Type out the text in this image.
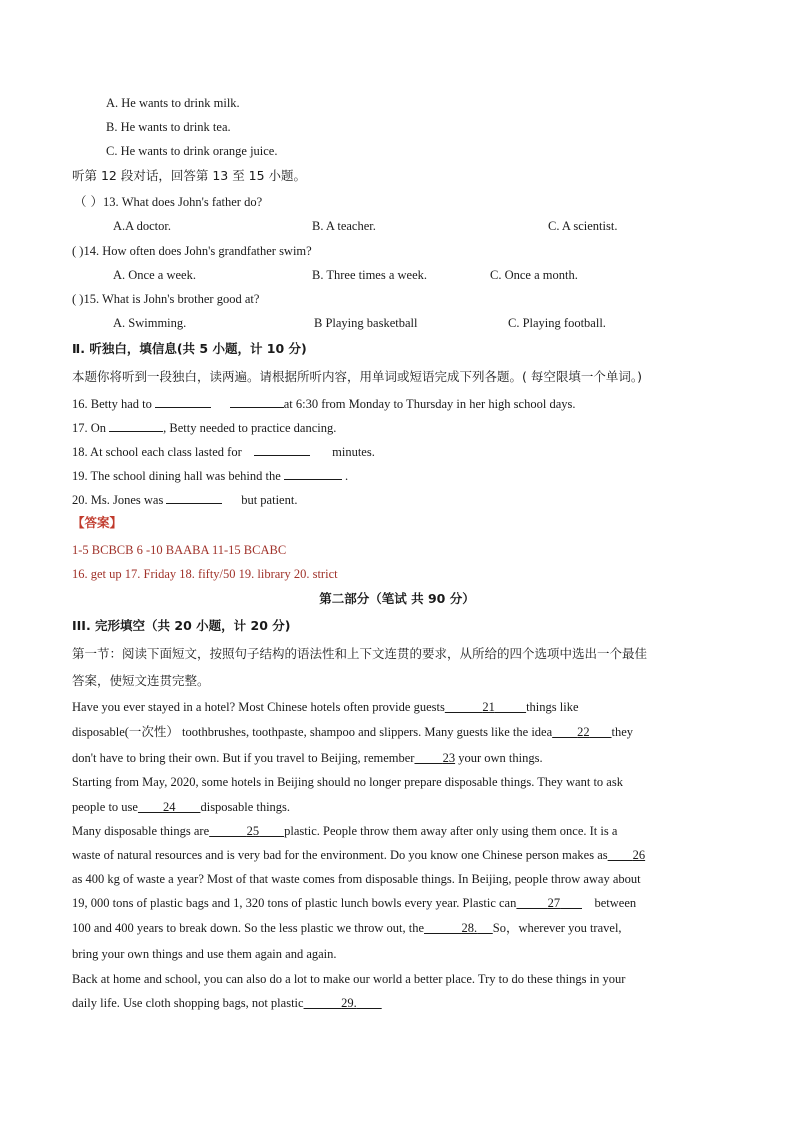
A. He wants to drink milk.
B. He wants to drink tea.
C. He wants to drink orange juice.
听第 12 段对话，回答第 13 至 15 小题。
（ ）13. What does John's father do?
A.A doctor.	B. A teacher.	C. A scientist.
( )14. How often does John's grandfather swim?
A. Once a week.	B. Three times a week.	C. Once a month.
( )15. What is John's brother good at?
A. Swimming.	B Playing basketball	C. Playing football.
Ⅱ. 听独白，填信息(共 5 小题，计 10 分)
本题你将听到一段独白，读两遍。请根据所听内容，用单词或短语完成下列各题。( 每空限填一个单词。)
16. Betty had to	at 6:30 from Monday to Thursday in her high school days.
17. On	, Betty needed to practice dancing.
18. At school each class lasted for	minutes.
19. The school dining hall was behind the	.
20. Ms. Jones was	but patient.
【答案】
1-5 BCBCB 6 -10 BAABA 11-15 BCABC
16. get up 17. Friday 18. fifty/50 19. library 20. strict
第二部分（笔试 共 90 分）
III. 完形填空（共 20 小题，计 20 分)
第一节：阅读下面短文，按照句子结构的语法性和上下文连贯的要求，从所给的四个选项中选出一个最佳
答案，使短文连贯完整。
Have you ever stayed in a hotel? Most Chinese hotels often provide guests	21	things like
disposable(一次性） toothbrushes, toothpaste, shampoo and slippers. Many guests like the idea 22 they
don't have to bring their own. But if you travel to Beijing, remember 23 your own things.
Starting from May, 2020, some hotels in Beijing should no longer prepare disposable things. They want to ask
people to use 24 disposable things.
Many disposable things are	25 plastic. People throw them away after only using them once. It is a
waste of natural resources and is very bad for the environment. Do you know one Chinese person makes as 26
as 400 kg of waste a year? Most of that waste comes from disposable things. In Beijing, people throw away about
19, 000 tons of plastic bags and 1, 320 tons of plastic lunch bowls every year. Plastic can	27	between
100 and 400 years to break down. So the less plastic we throw out, the	28. So，wherever you travel,
bring your own things and use them again and again.
Back at home and school, you can also do a lot to make our world a better place. Try to do these things in your
daily life. Use cloth shopping bags, not plastic	29.
